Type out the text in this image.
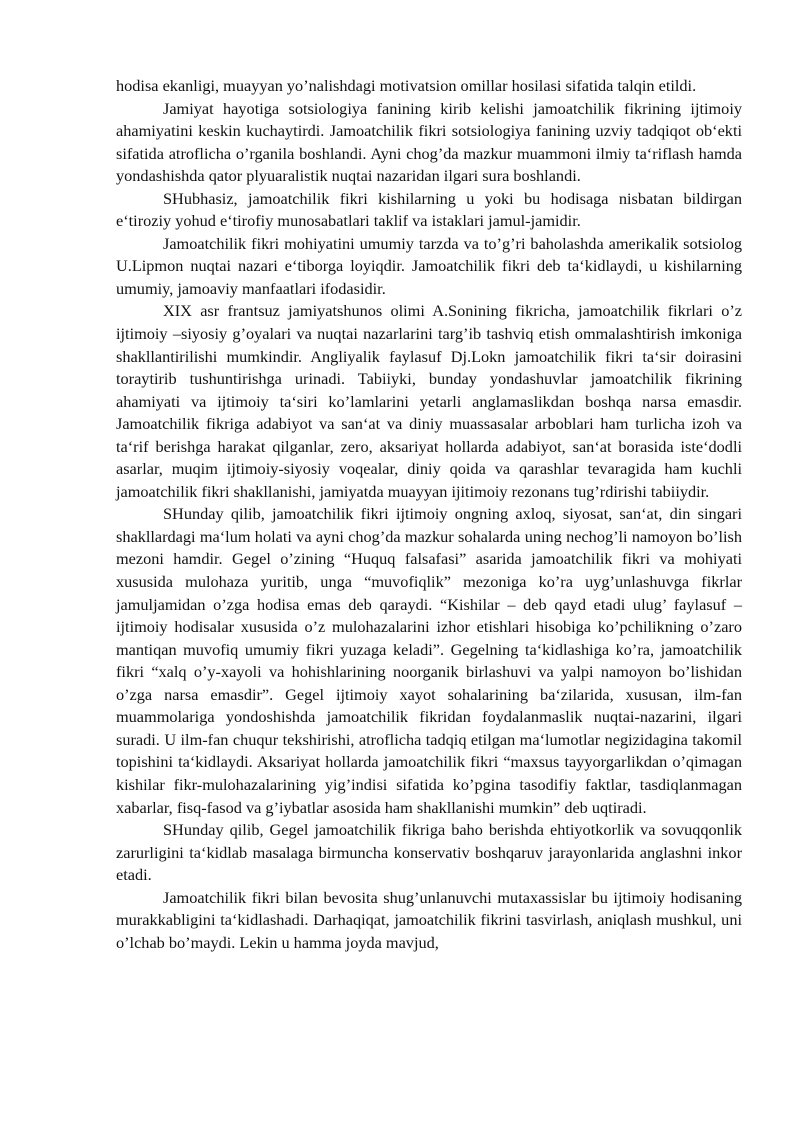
hodisa ekanligi, muayyan yo’nalishdagi motivatsion omillar hosilasi sifatida talqin etildi.

Jamiyat hayotiga sotsiologiya fanining kirib kelishi jamoatchilik fikrining ijtimoiy ahamiyatini keskin kuchaytirdi. Jamoatchilik fikri sotsiologiya fanining uzviy tadqiqot ob‘ekti sifatida atroflicha o’rganila boshlandi. Ayni chog’da mazkur muammoni ilmiy ta‘riflash hamda yondashishda qator plyuaralistik nuqtai nazaridan ilgari sura boshlandi.

SHubhasiz, jamoatchilik fikri kishilarning u yoki bu hodisaga nisbatan bildirgan e‘tiroziy yohud e‘tirofiy munosabatlari taklif va istaklari jamul-jamidir.

Jamoatchilik fikri mohiyatini umumiy tarzda va to’g’ri baholashda amerikalik sotsiolog U.Lipmon nuqtai nazari e‘tiborga loyiqdir. Jamoatchilik fikri deb ta‘kidlaydi, u kishilarning umumiy, jamoaviy manfaatlari ifodasidir.

XIX asr frantsuz jamiyatshunos olimi A.Sonining fikricha, jamoatchilik fikrlari o’z ijtimoiy –siyosiy g’oyalari va nuqtai nazarlarini targ’ib tashviq etish ommalashtirish imkoniga shakllantirilishi mumkindir. Angliyalik faylasuf Dj.Lokn jamoatchilik fikri ta‘sir doirasini toraytirib tushuntirishga urinadi. Tabiiyki, bunday yondashuvlar jamoatchilik fikrining ahamiyati va ijtimoiy ta‘siri ko’lamlarini yetarli anglamaslikdan boshqa narsa emasdir. Jamoatchilik fikriga adabiyot va san‘at va diniy muassasalar arboblari ham turlicha izoh va ta‘rif berishga harakat qilganlar, zero, aksariyat hollarda adabiyot, san‘at borasida iste‘dodli asarlar, muqim ijtimoiy-siyosiy voqealar, diniy qoida va qarashlar tevaragida ham kuchli jamoatchilik fikri shakllanishi, jamiyatda muayyan ijitimoiy rezonans tug’rdirishi tabiiydir.

SHunday qilib, jamoatchilik fikri ijtimoiy ongning axloq, siyosat, san‘at, din singari shakllardagi ma‘lum holati va ayni chog’da mazkur sohalarda uning nechog’li namoyon bo’lish mezoni hamdir. Gegel o’zining “Huquq falsafasi” asarida jamoatchilik fikri va mohiyati xususida mulohaza yuritib, unga “muvofiqlik” mezoniga ko’ra uyg’unlashuvga fikrlar jamuljamidan o’zga hodisa emas deb qaraydi. “Kishilar – deb qayd etadi ulug’ faylasuf – ijtimoiy hodisalar xususida o’z mulohazalarini izhor etishlari hisobiga ko’pchilikning o’zaro mantiqan muvofiq umumiy fikri yuzaga keladi”. Gegelning ta‘kidlashiga ko’ra, jamoatchilik fikri “xalq o’y-xayoli va hohishlarining noorganik birlashuvi va yalpi namoyon bo’lishidan o’zga narsa emasdir”. Gegel ijtimoiy xayot sohalarining ba‘zilarida, xususan, ilm-fan muammolariga yondoshishda jamoatchilik fikridan foydalanmaslik nuqtai-nazarini, ilgari suradi. U ilm-fan chuqur tekshirishi, atroflicha tadqiq etilgan ma‘lumotlar negizidagina takomil topishini ta‘kidlaydi. Aksariyat hollarda jamoatchilik fikri “maxsus tayyorgarlikdan o’qimagan kishilar fikr-mulohazalarining yig’indisi sifatida ko’pgina tasodifiy faktlar, tasdiqlanmagan xabarlar, fisq-fasod va g’iybatlar asosida ham shakllanishi mumkin” deb uqtiradi.

SHunday qilib, Gegel jamoatchilik fikriga baho berishda ehtiyotkorlik va sovuqqonlik zarurligini ta‘kidlab masalaga birmuncha konservativ boshqaruv jarayonlarida anglashni inkor etadi.

Jamoatchilik fikri bilan bevosita shug’unlanuvchi mutaxassislar bu ijtimoiy hodisaning murakkabligini ta‘kidlashadi. Darhaqiqat, jamoatchilik fikrini tasvirlash, aniqlash mushkul, uni o’lchab bo’maydi. Lekin u hamma joyda mavjud,
